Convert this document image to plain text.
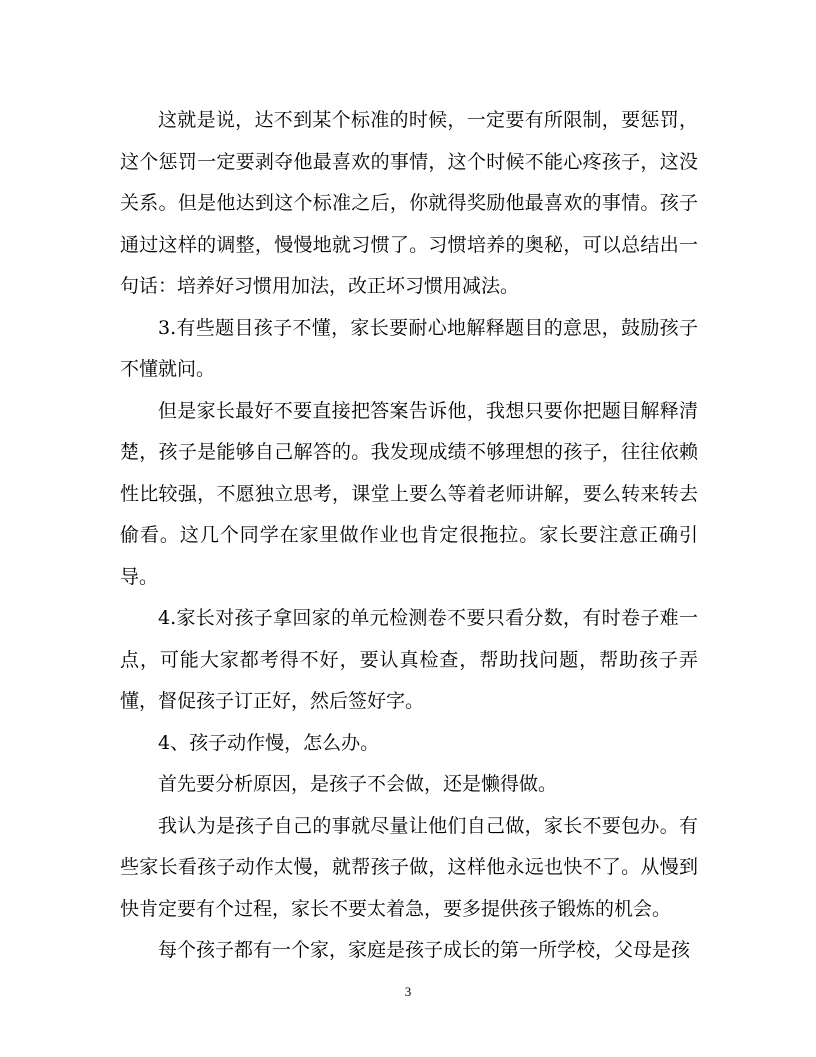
这就是说，达不到某个标准的时候，一定要有所限制，要惩罚，这个惩罚一定要剥夺他最喜欢的事情，这个时候不能心疼孩子，这没关系。但是他达到这个标准之后，你就得奖励他最喜欢的事情。孩子通过这样的调整，慢慢地就习惯了。习惯培养的奥秘，可以总结出一句话：培养好习惯用加法，改正坏习惯用减法。

3.有些题目孩子不懂，家长要耐心地解释题目的意思，鼓励孩子不懂就问。

但是家长最好不要直接把答案告诉他，我想只要你把题目解释清楚，孩子是能够自己解答的。我发现成绩不够理想的孩子，往往依赖性比较强，不愿独立思考，课堂上要么等着老师讲解，要么转来转去偷看。这几个同学在家里做作业也肯定很拖拉。家长要注意正确引导。

4.家长对孩子拿回家的单元检测卷不要只看分数，有时卷子难一点，可能大家都考得不好，要认真检查，帮助找问题，帮助孩子弄懂，督促孩子订正好，然后签好字。

4、孩子动作慢，怎么办。

首先要分析原因，是孩子不会做，还是懒得做。

我认为是孩子自己的事就尽量让他们自己做，家长不要包办。有些家长看孩子动作太慢，就帮孩子做，这样他永远也快不了。从慢到快肯定要有个过程，家长不要太着急，要多提供孩子锻炼的机会。

每个孩子都有一个家，家庭是孩子成长的第一所学校，父母是孩

3
